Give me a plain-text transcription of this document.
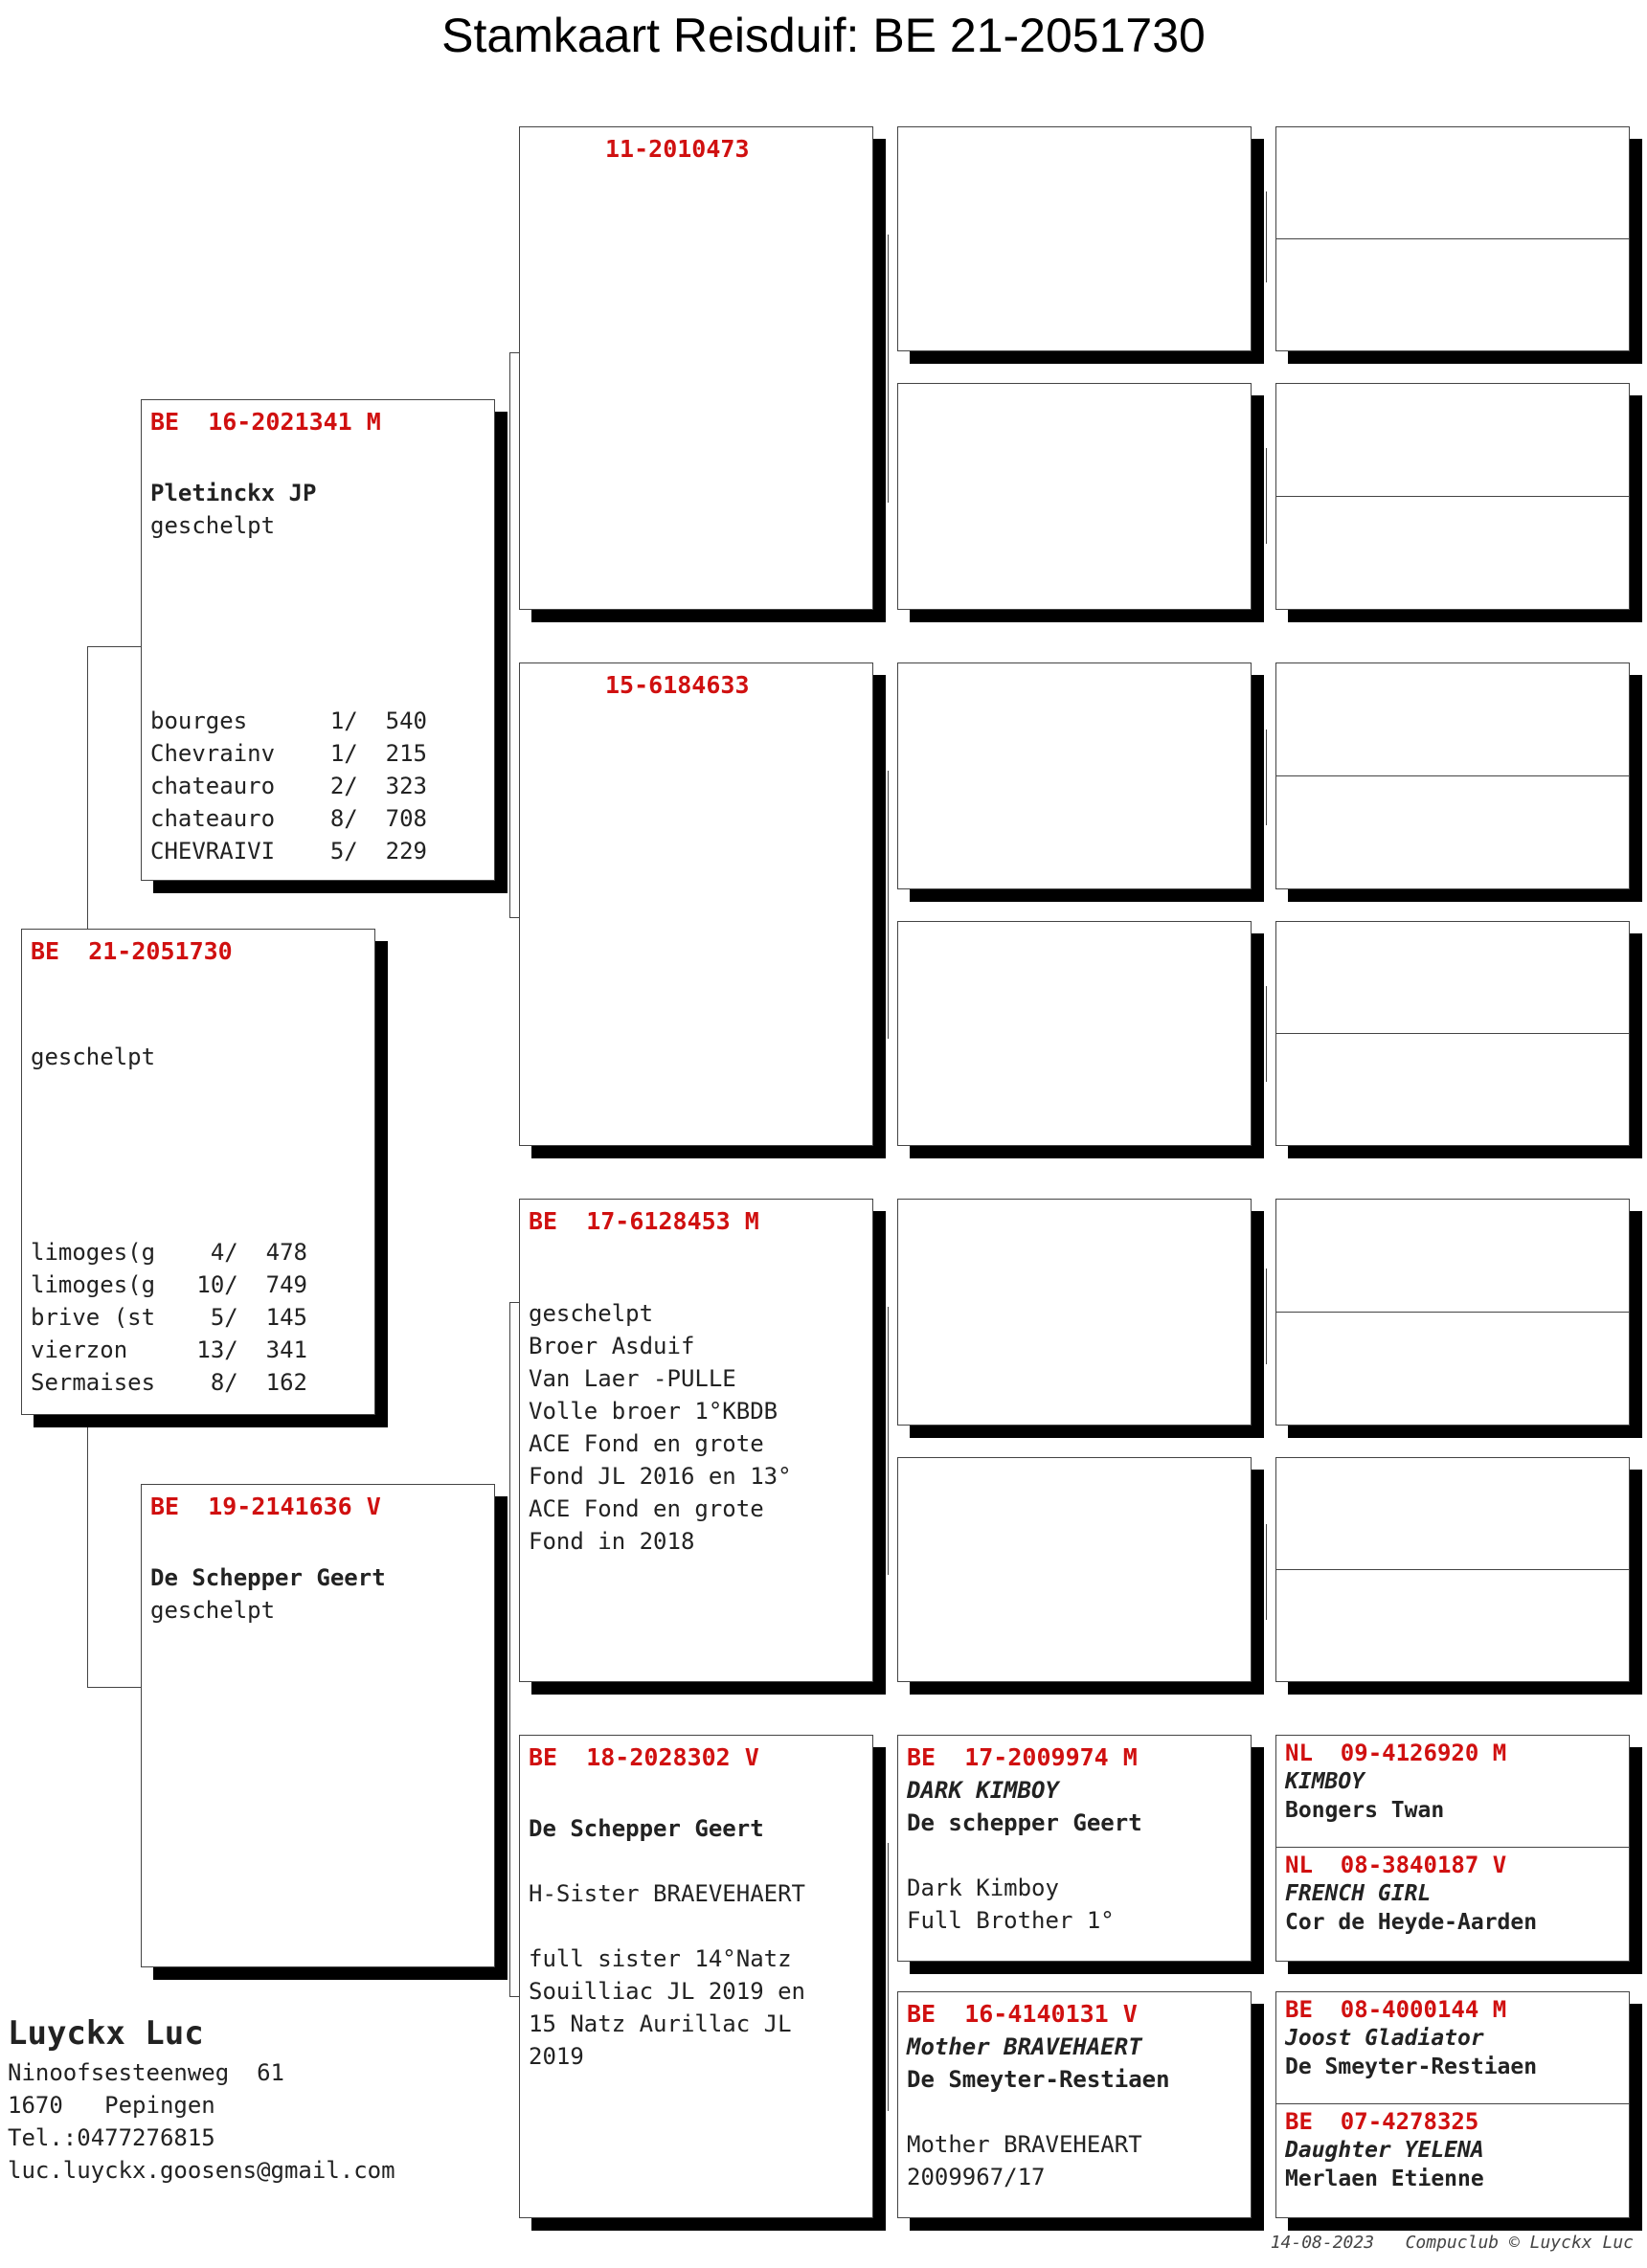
Stamkaart Reisduif: BE 21-2051730
BE  21-2051730
geschelpt
limoges(g    4/  478
limoges(g   10/  749
brive (st    5/  145
vierzon     13/  341
Sermaises    8/  162
BE  16-2021341 M
Pletinckx JP
geschelpt
bourges      1/  540
Chevrainv    1/  215
chateauro    2/  323
chateauro    8/  708
CHEVRAIVI    5/  229
BE  19-2141636 V
De Schepper Geert
geschelpt
11-2010473
15-6184633
BE  17-6128453 M
geschelpt
Broer Asduif
Van Laer -PULLE
Volle broer 1°KBDB
ACE Fond en grote
Fond JL 2016 en 13°
ACE Fond en grote
Fond in 2018
BE  18-2028302 V
De Schepper Geert
H-Sister BRAEVEHAERT
full sister 14°Natz
Souilliac JL 2019 en
15 Natz Aurillac JL
2019
BE  17-2009974 M
DARK KIMBOY
De schepper Geert
Dark Kimboy
Full Brother 1°
BE  16-4140131 V
Mother BRAVEHAERT
De Smeyter-Restiaen
Mother BRAVEHEART
2009967/17
NL  09-4126920 M
KIMBOY
Bongers Twan
NL  08-3840187 V
FRENCH GIRL
Cor de Heyde-Aarden
BE  08-4000144 M
Joost Gladiator
De Smeyter-Restiaen
BE  07-4278325
Daughter YELENA
Merlaen Etienne
Luyckx Luc
Ninoofsesteenweg  61
1670   Pepingen
Tel.:0477276815
luc.luyckx.goosens@gmail.com
14-08-2023   Compuclub © Luyckx Luc
